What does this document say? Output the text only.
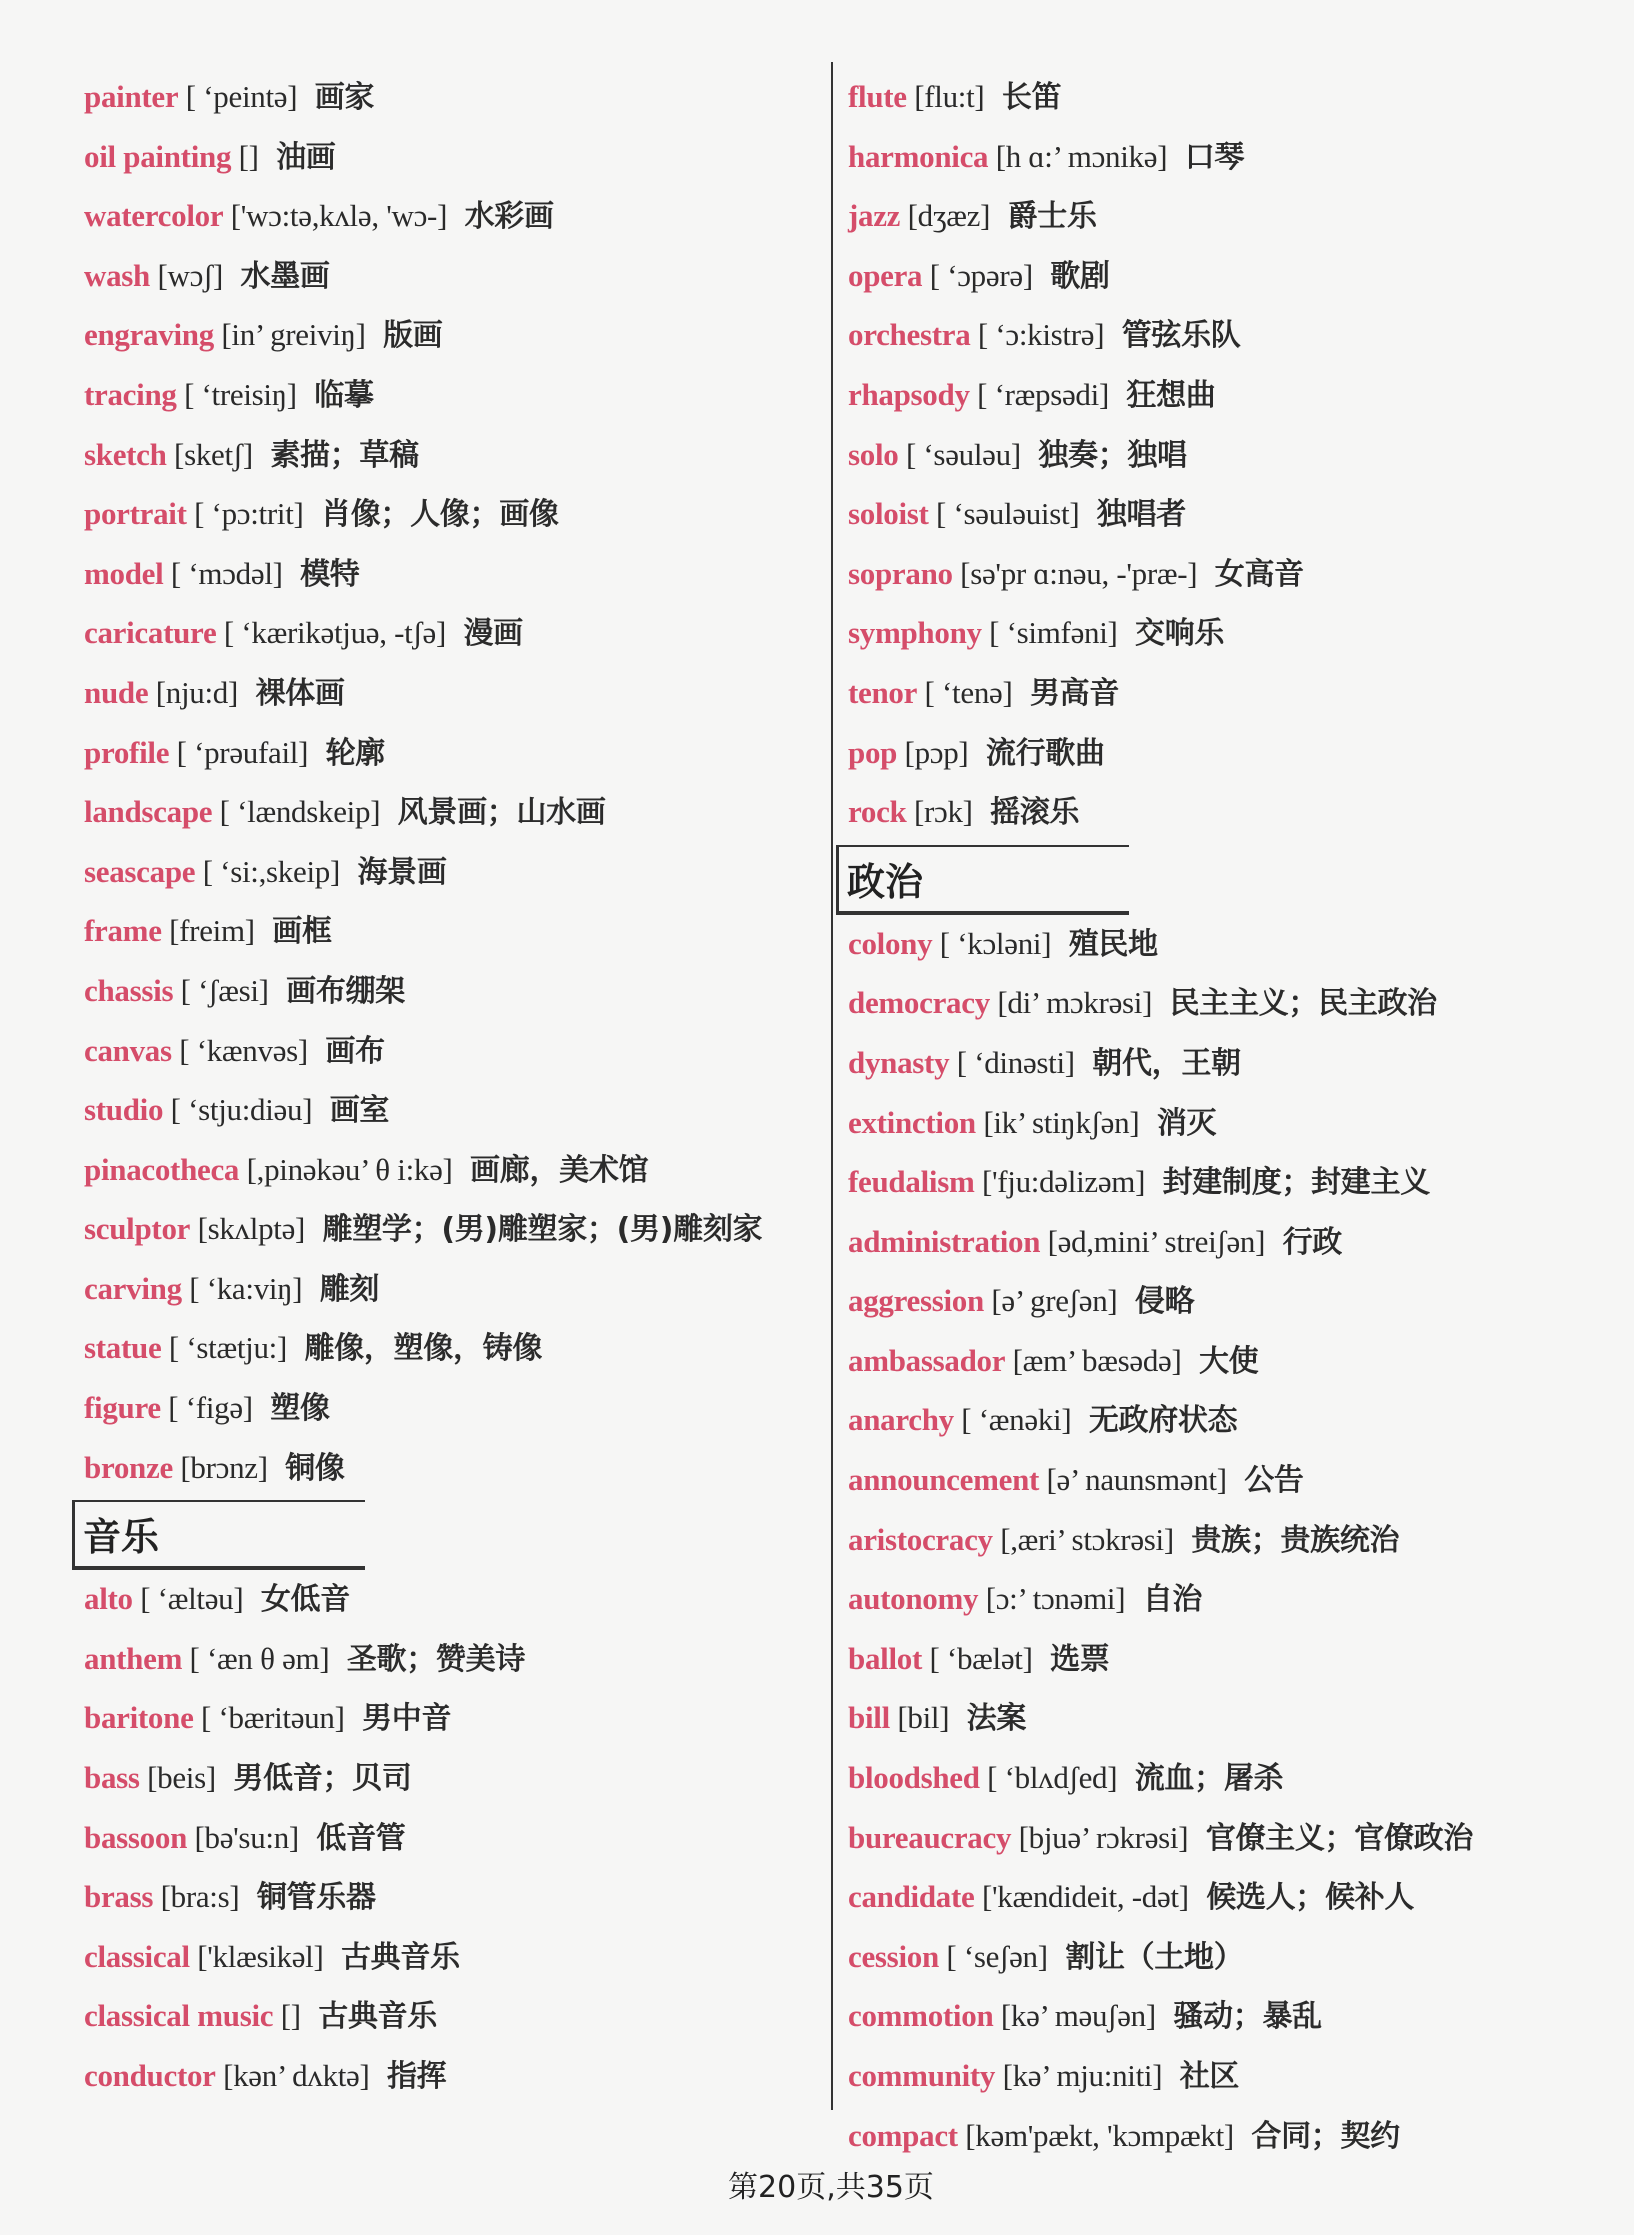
painter [ ‘peintə] 画家
oil painting [] 油画
watercolor ['wɔ:tə,kʌlə, 'wɔ-] 水彩画
wash [wɔʃ] 水墨画
engraving [in’ greiviŋ] 版画
tracing [ ‘treisiŋ] 临摹
sketch [sketʃ] 素描；草稿
portrait [ ‘pɔ:trit] 肖像；人像；画像
model [ ‘mɔdəl] 模特
caricature [ ‘kærikətjuə, -tʃə] 漫画
nude [nju:d] 裸体画
profile [ ‘prəufail] 轮廓
landscape [ ‘lændskeip] 风景画；山水画
seascape [ ‘si:,skeip] 海景画
frame [freim] 画框
chassis [ ‘ʃæsi] 画布绷架
canvas [ ‘kænvəs] 画布
studio [ ‘stju:diəu] 画室
pinacotheca [,pinəkəu’ θ i:kə] 画廊，美术馆
sculptor [skʌlptə] 雕塑学；(男)雕塑家；(男)雕刻家
carving [ ‘ka:viŋ] 雕刻
statue [ ‘stætju:] 雕像，塑像，铸像
figure [ ‘figə] 塑像
bronze [brɔnz] 铜像
音乐
alto [ ‘æltəu] 女低音
anthem [ ‘æn θ əm] 圣歌；赞美诗
baritone [ ‘bæritəun] 男中音
bass [beis] 男低音；贝司
bassoon [bə'su:n] 低音管
brass [bra:s] 铜管乐器
classical ['klæsikəl] 古典音乐
classical music [] 古典音乐
conductor [kən’ dʌktə] 指挥
flute [flu:t] 长笛
harmonica [h ɑ:’ mɔnikə] 口琴
jazz [dʒæz] 爵士乐
opera [ ‘ɔpərə] 歌剧
orchestra [ ‘ɔ:kistrə] 管弦乐队
rhapsody [ ‘ræpsədi] 狂想曲
solo [ ‘səuləu] 独奏；独唱
soloist [ ‘səuləuist] 独唱者
soprano [sə'pr ɑ:nəu, -'præ-] 女高音
symphony [ ‘simfəni] 交响乐
tenor [ ‘tenə] 男高音
pop [pɔp] 流行歌曲
rock [rɔk] 摇滚乐
政治
colony [ ‘kɔləni] 殖民地
democracy [di’ mɔkrəsi] 民主主义；民主政治
dynasty [ ‘dinəsti] 朝代，王朝
extinction [ik’ stiŋkʃən] 消灭
feudalism ['fju:dəlizəm] 封建制度；封建主义
administration [əd,mini’ streiʃən] 行政
aggression [ə’ greʃən] 侵略
ambassador [æm’ bæsədə] 大使
anarchy [ ‘ænəki] 无政府状态
announcement [ə’ naunsmənt] 公告
aristocracy [,æri’ stɔkrəsi] 贵族；贵族统治
autonomy [ɔ:’ tɔnəmi] 自治
ballot [ ‘bælət] 选票
bill [bil] 法案
bloodshed [ ‘blʌdʃed] 流血；屠杀
bureaucracy [bjuə’ rɔkrəsi] 官僚主义；官僚政治
candidate ['kændideit, -dət] 候选人；候补人
cession [ ‘seʃən] 割让（土地）
commotion [kə’ məuʃən] 骚动；暴乱
community [kə’ mju:niti] 社区
compact [kəm'pækt, 'kɔmpækt] 合同；契约
第20页,共35页
